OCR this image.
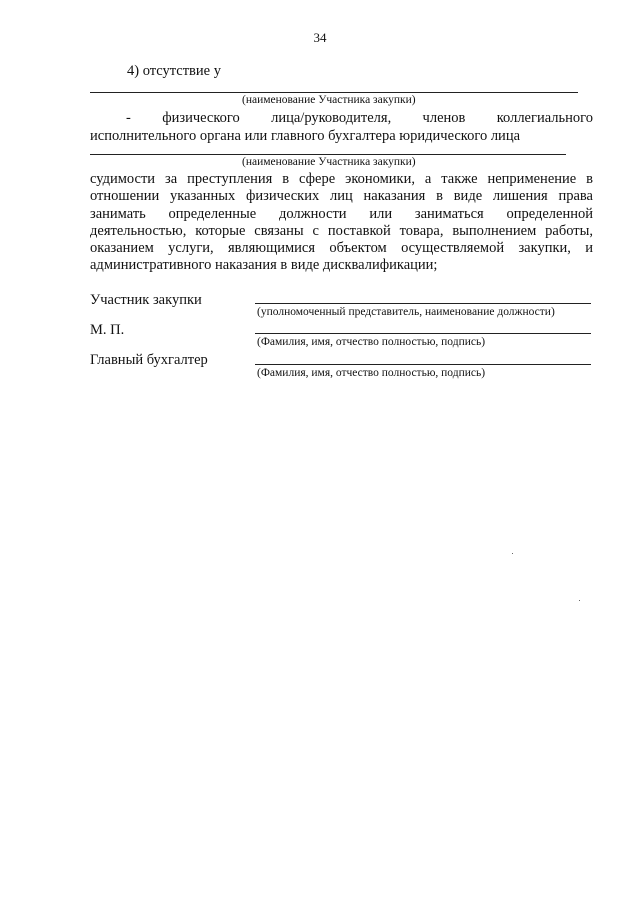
34
4) отсутствие у
(наименование Участника закупки)
- физического лица/руководителя, членов коллегиального
исполнительного органа или главного бухгалтера юридического лица
(наименование Участника закупки)
судимости за преступления в сфере экономики, а также неприменение в отношении указанных физических лиц наказания в виде лишения права занимать определенные должности или заниматься определенной деятельностью, которые связаны с поставкой товара, выполнением работы, оказанием услуги, являющимися объектом осуществляемой закупки, и административного наказания в виде дисквалификации;
Участник закупки
(уполномоченный представитель, наименование должности)
М. П.
(Фамилия, имя, отчество полностью, подпись)
Главный бухгалтер
(Фамилия, имя, отчество полностью, подпись)
